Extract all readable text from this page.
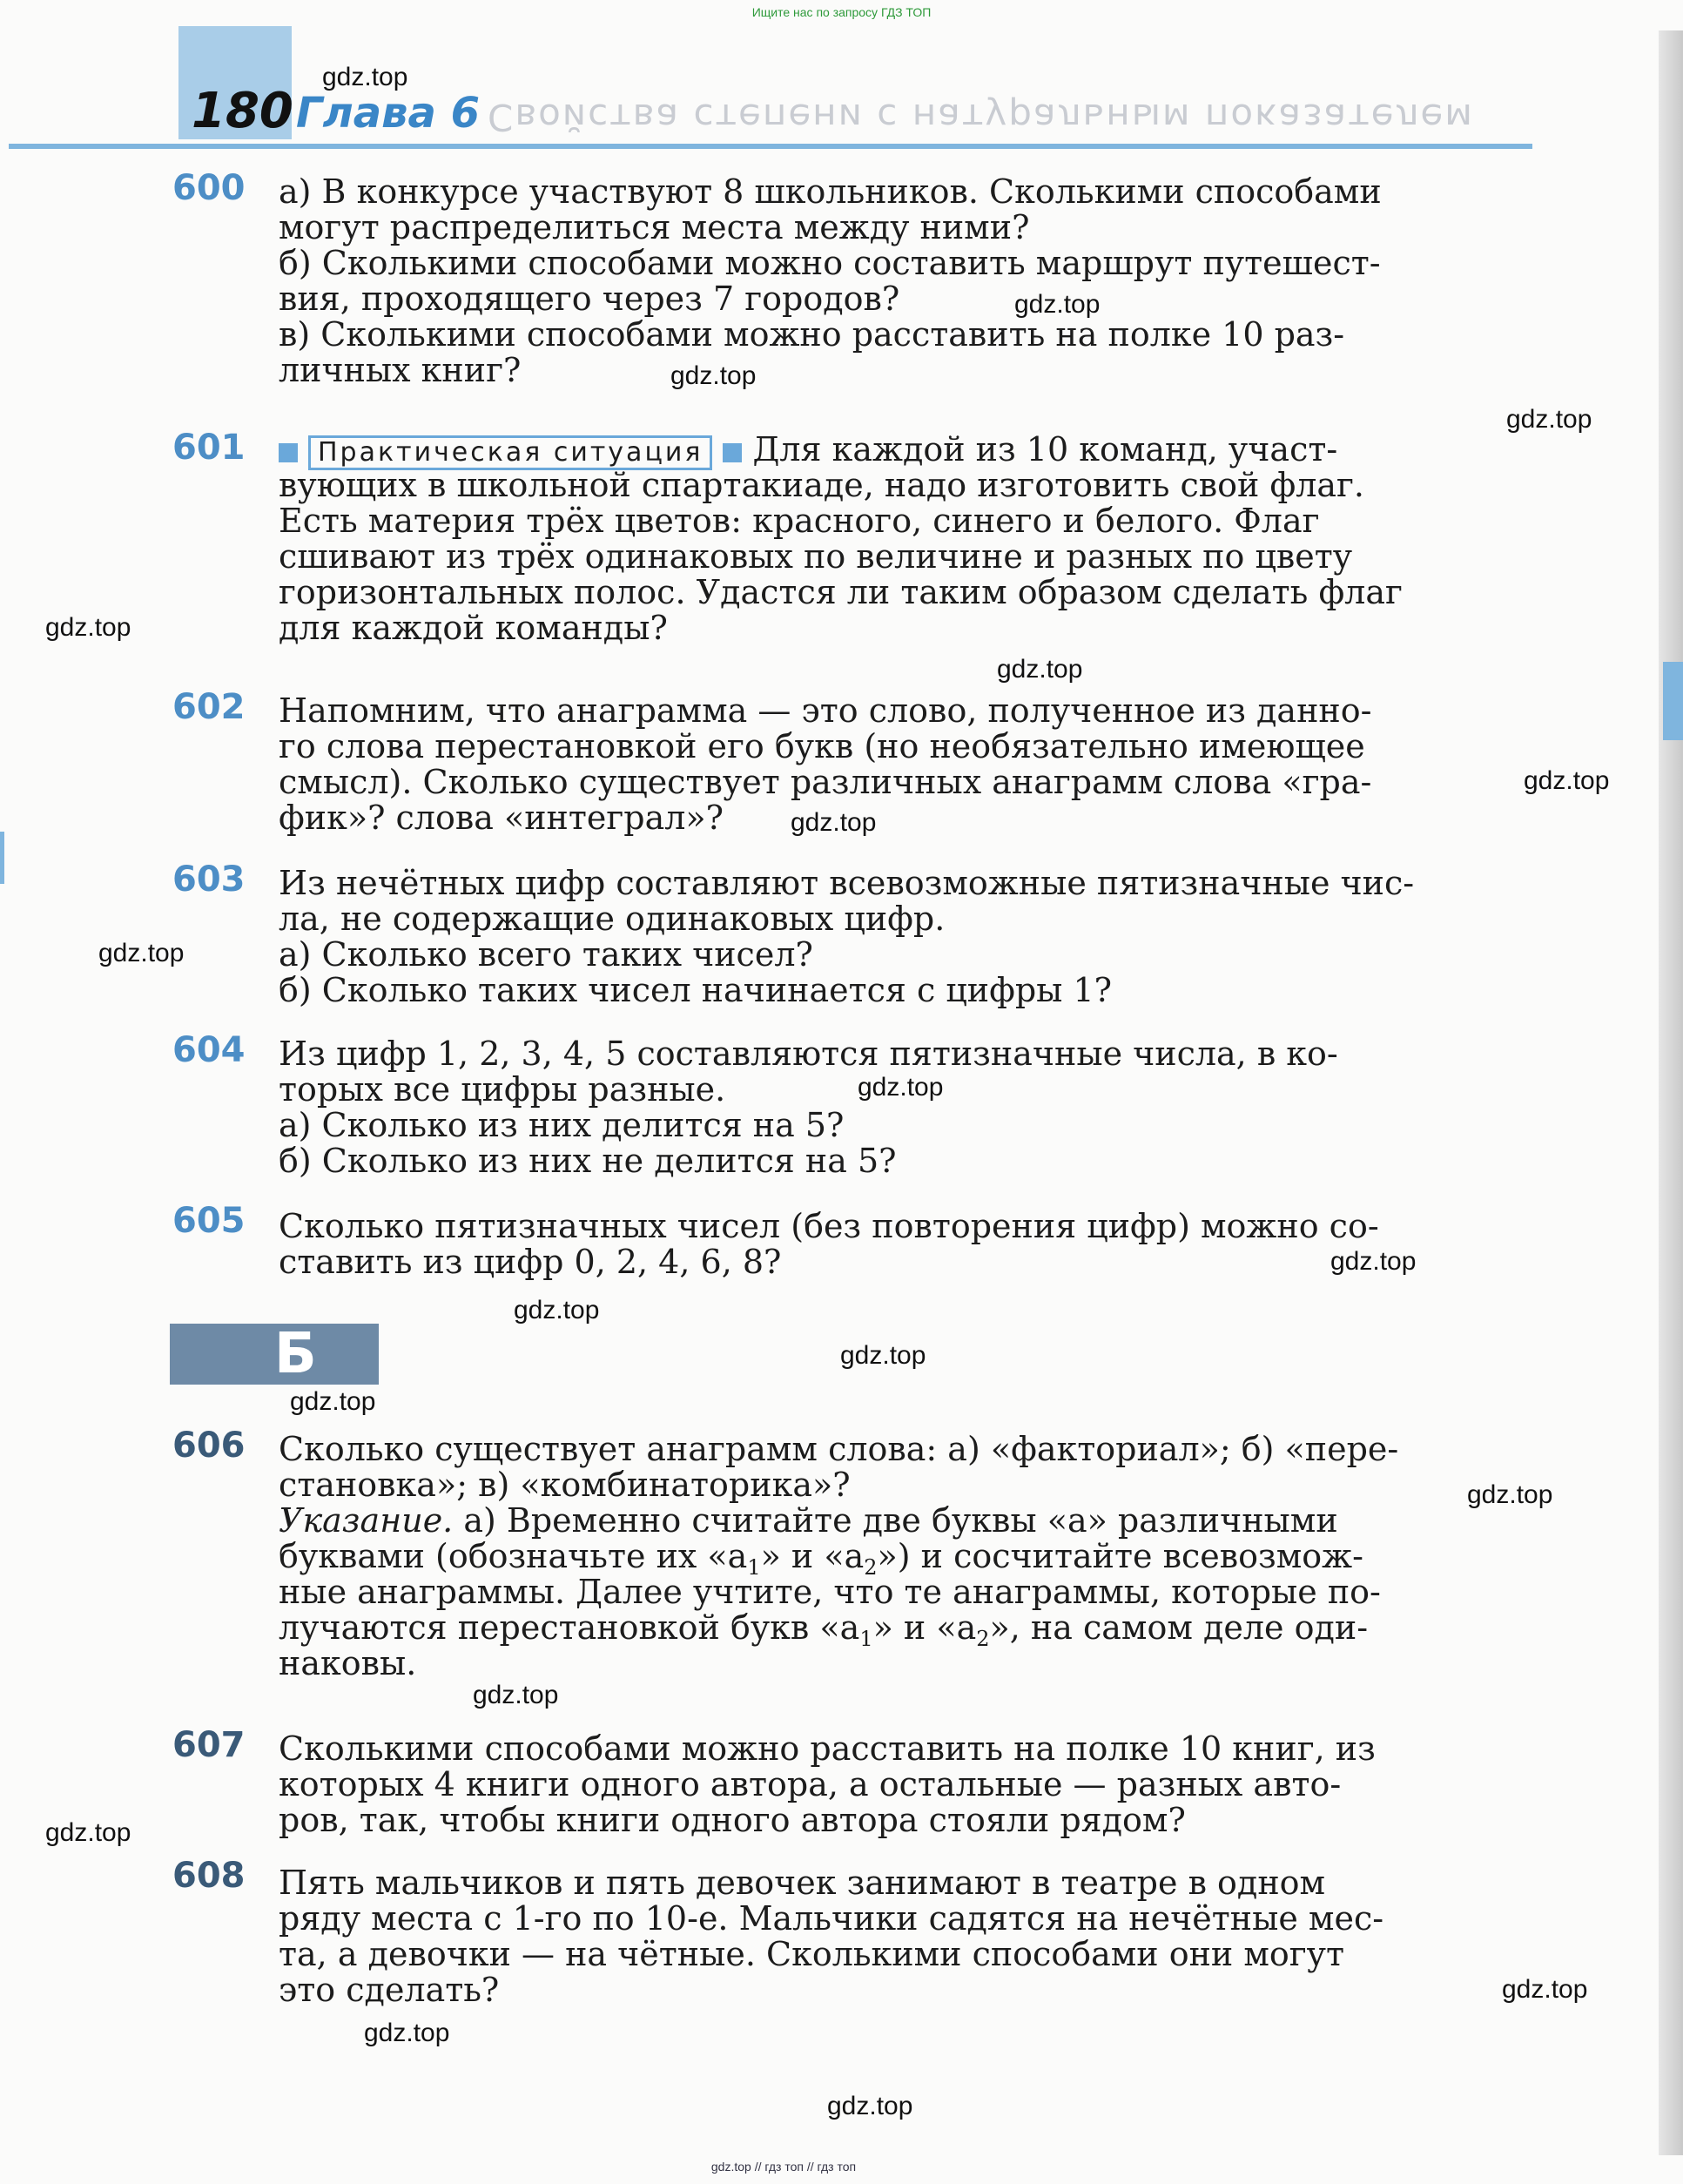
Ищите нас по запросу ГДЗ ТОП
Свойства степени с натуральным показателем
180 Глава 6
600 а) В конкурсе участвуют 8 школьников. Сколькими способами
могут распределиться места между ними?
б) Сколькими способами можно составить маршрут путешест-
вия, проходящего через 7 городов?
в) Сколькими способами можно расставить на полке 10 раз-
личных книг?
601	Практическая ситуация Для каждой из 10 команд, участ-
вующих в школьной спартакиаде, надо изготовить свой флаг.
Есть материя трёх цветов: красного, синего и белого. Флаг
сшивают из трёх одинаковых по величине и разных по цвету
горизонтальных полос. Удастся ли таким образом сделать флаг
для каждой команды?
602 Напомним, что анаграмма — это слово, полученное из данно-
го слова перестановкой его букв (но необязательно имеющее
смысл). Сколько существует различных анаграмм слова «гра-
фик»? слова «интеграл»?
603 Из нечётных цифр составляют всевозможные пятизначные чис-
ла, не содержащие одинаковых цифр.
а) Сколько всего таких чисел?
б) Сколько таких чисел начинается с цифры 1?
604 Из цифр 1, 2, 3, 4, 5 составляются пятизначные числа, в ко-
торых все цифры разные.
а) Сколько из них делится на 5?
б) Сколько из них не делится на 5?
605 Сколько пятизначных чисел (без повторения цифр) можно со-
ставить из цифр 0, 2, 4, 6, 8?
Б
606 Сколько существует анаграмм слова: а) «факториал»; б) «пере-
становка»; в) «комбинаторика»?
Указание. а) Временно считайте две буквы «а» различными
буквами (обозначьте их «$а_1$» и «$а_2$») и сосчитайте всевозмож-
ные анаграммы. Далее учтите, что те анаграммы, которые по-
лучаются перестановкой букв «$а_1$» и «$а_2$», на самом деле оди-
наковы.
607 Сколькими способами можно расставить на полке 10 книг, из
которых 4 книги одного автора, а остальные — разных авто-
ров, так, чтобы книги одного автора стояли рядом?
608 Пять мальчиков и пять девочек занимают в театре в одном
ряду места с 1-го по 10-е. Мальчики садятся на нечётные мес-
та, а девочки — на чётные. Сколькими способами они могут
это сделать?
gdz.top
gdz.top
gdz.top
gdz.top
gdz.top
gdz.top
gdz.top
gdz.top
gdz.top
gdz.top
gdz.top
gdz.top
gdz.top
gdz.top
gdz.top
gdz.top
gdz.top
gdz.top
gdz.top
gdz.top
gdz.top // гдз топ // гдз топ
